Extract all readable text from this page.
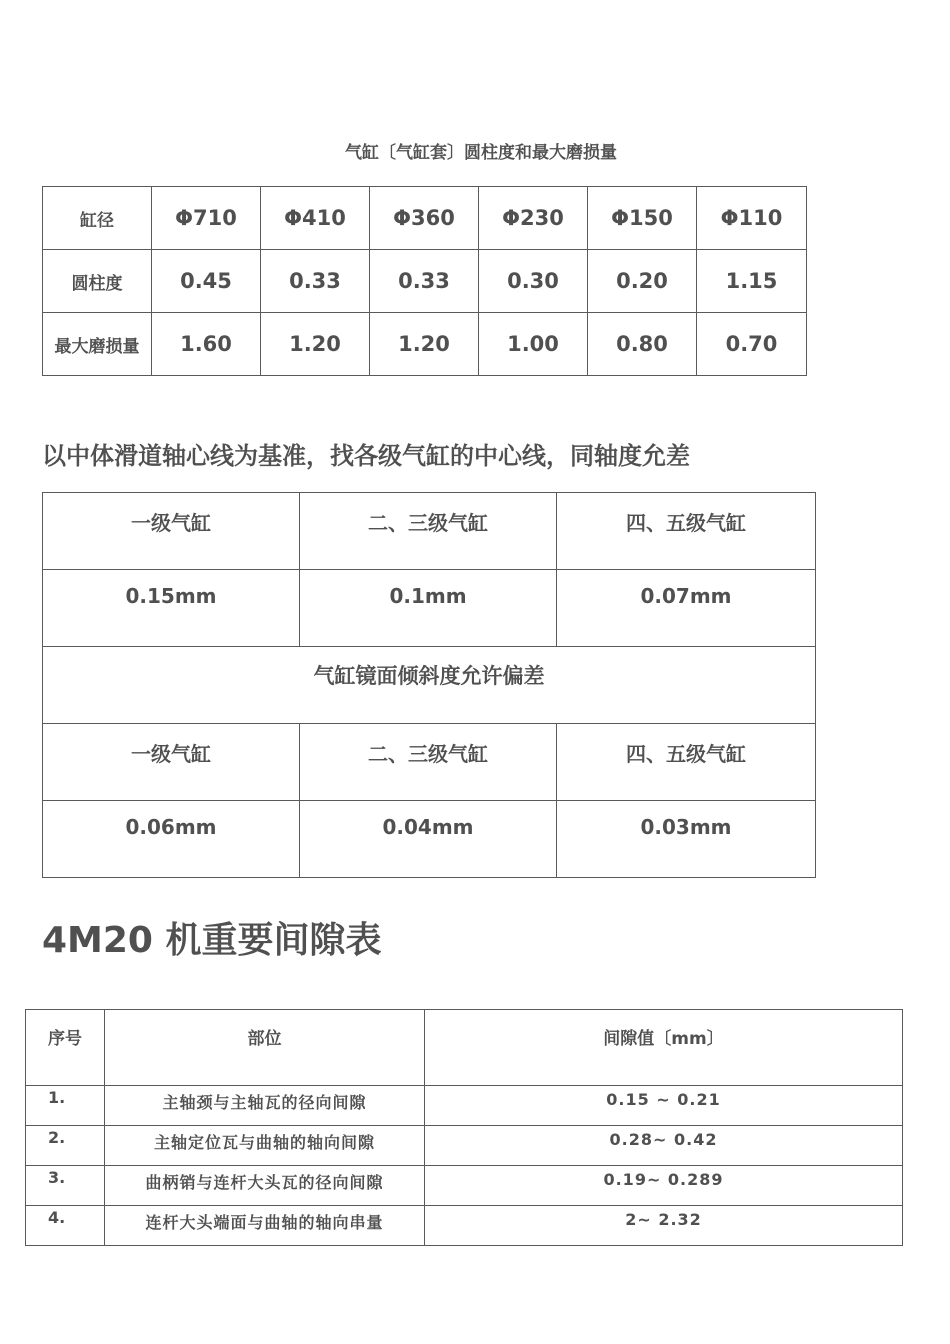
气缸〔气缸套〕圆柱度和最大磨损量
缸径	Φ710	Φ410	Φ360	Φ230	Φ150	Φ110
圆柱度	0.45	0.33	0.33	0.30	0.20	1.15
最大磨损量	1.60	1.20	1.20	1.00	0.80	0.70
以中体滑道轴心线为基准，找各级气缸的中心线，同轴度允差
一级气缸	二、三级气缸	四、五级气缸
0.15mm	0.1mm	0.07mm
气缸镜面倾斜度允许偏差		
一级气缸	二、三级气缸	四、五级气缸
0.06mm	0.04mm	0.03mm
4M20 机重要间隙表
序号	部位	间隙值〔mm〕
1.	主轴颈与主轴瓦的径向间隙	0.15 ~ 0.21
2.	主轴定位瓦与曲轴的轴向间隙	0.28~ 0.42
3.	曲柄销与连杆大头瓦的径向间隙	0.19~ 0.289
4.	连杆大头端面与曲轴的轴向串量	2~ 2.32
